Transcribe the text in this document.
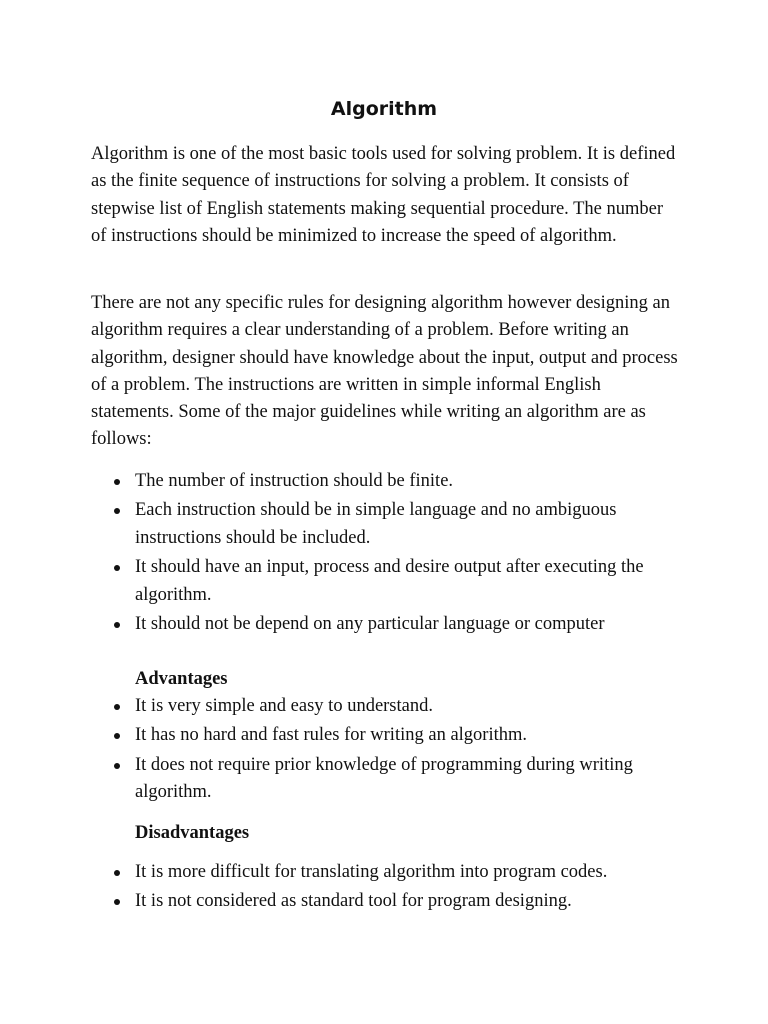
Algorithm

Algorithm is one of the most basic tools used for solving problem. It is defined as the finite sequence of instructions for solving a problem. It consists of stepwise list of English statements making sequential procedure. The number of instructions should be minimized to increase the speed of algorithm.

There are not any specific rules for designing algorithm however designing an algorithm requires a clear understanding of a problem. Before writing an algorithm, designer should have knowledge about the input, output and process of a problem. The instructions are written in simple informal English statements. Some of the major guidelines while writing an algorithm are as follows:

The number of instruction should be finite.
Each instruction should be in simple language and no ambiguous instructions should be included.
It should have an input, process and desire output after executing the algorithm.
It should not be depend on any particular language or computer
Advantages
It is very simple and easy to understand.
It has no hard and fast rules for writing an algorithm.
It does not require prior knowledge of programming during writing algorithm.
Disadvantages
It is more difficult for translating algorithm into program codes.
It is not considered as standard tool for program designing.
